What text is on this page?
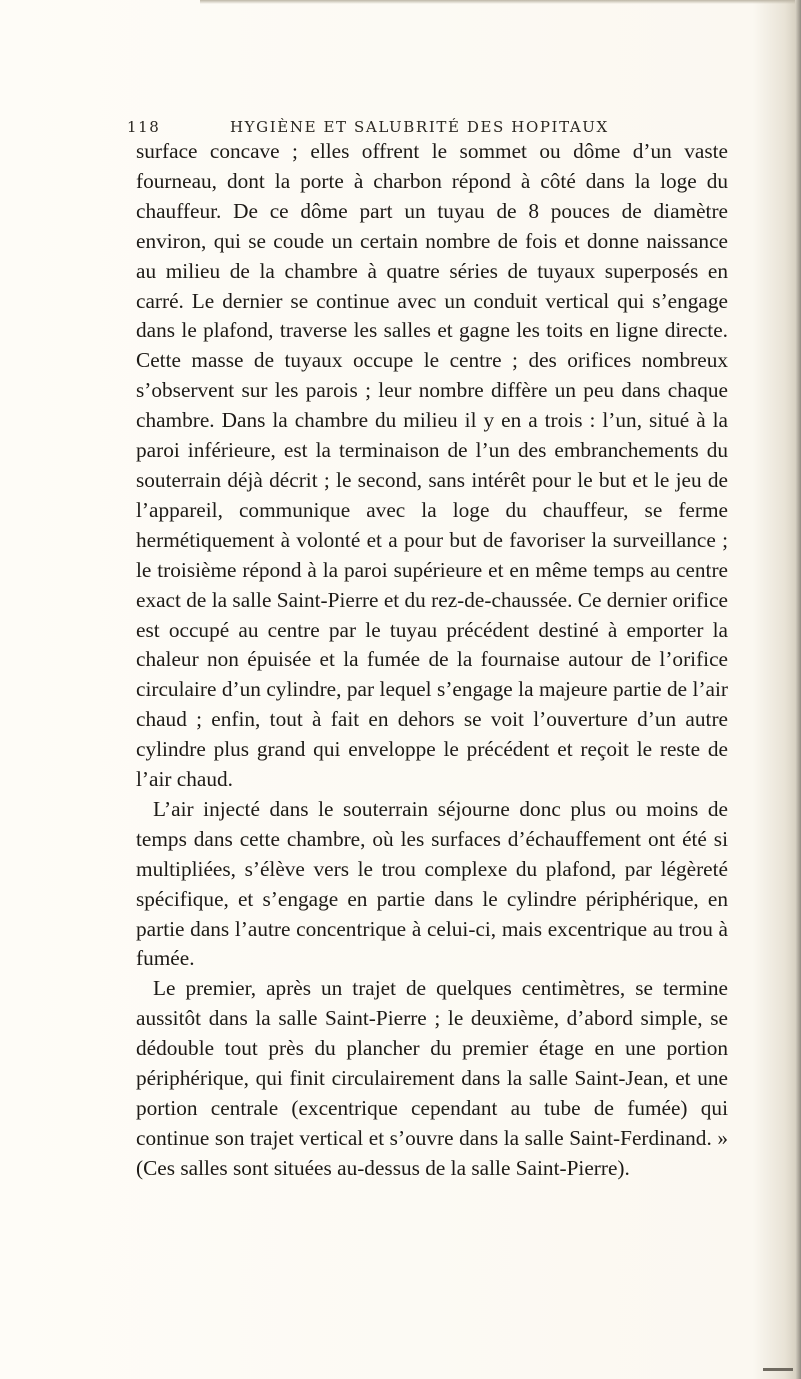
118	HYGIÈNE ET SALUBRITÉ DES HOPITAUX

surface concave ; elles offrent le sommet ou dôme d’un vaste fourneau, dont la porte à charbon répond à côté dans la loge du chauffeur. De ce dôme part un tuyau de 8 pouces de diamètre environ, qui se coude un certain nombre de fois et donne naissance au milieu de la chambre à quatre séries de tuyaux superposés en carré. Le dernier se continue avec un conduit vertical qui s’engage dans le plafond, traverse les salles et gagne les toits en ligne directe. Cette masse de tuyaux occupe le centre ; des orifices nombreux s’observent sur les parois ; leur nombre diffère un peu dans chaque chambre. Dans la chambre du milieu il y en a trois : l’un, situé à la paroi inférieure, est la terminaison de l’un des embranchements du souterrain déjà décrit ; le second, sans intérêt pour le but et le jeu de l’appareil, communique avec la loge du chauffeur, se ferme hermétiquement à volonté et a pour but de favoriser la surveillance ; le troisième répond à la paroi supérieure et en même temps au centre exact de la salle Saint-Pierre et du rez-de-chaussée. Ce dernier orifice est occupé au centre par le tuyau précédent destiné à emporter la chaleur non épuisée et la fumée de la fournaise autour de l’orifice circulaire d’un cylindre, par lequel s’engage la majeure partie de l’air chaud ; enfin, tout à fait en dehors se voit l’ouverture d’un autre cylindre plus grand qui enveloppe le précédent et reçoit le reste de l’air chaud.

L’air injecté dans le souterrain séjourne donc plus ou moins de temps dans cette chambre, où les surfaces d’échauffement ont été si multipliées, s’élève vers le trou complexe du plafond, par légèreté spécifique, et s’engage en partie dans le cylindre périphérique, en partie dans l’autre concentrique à celui-ci, mais excentrique au trou à fumée.

Le premier, après un trajet de quelques centimètres, se termine aussitôt dans la salle Saint-Pierre ; le deuxième, d’abord simple, se dédouble tout près du plancher du premier étage en une portion périphérique, qui finit circulairement dans la salle Saint-Jean, et une portion centrale (excentrique cependant au tube de fumée) qui continue son trajet vertical et s’ouvre dans la salle Saint-Ferdinand. » (Ces salles sont situées au-dessus de la salle Saint-Pierre).
